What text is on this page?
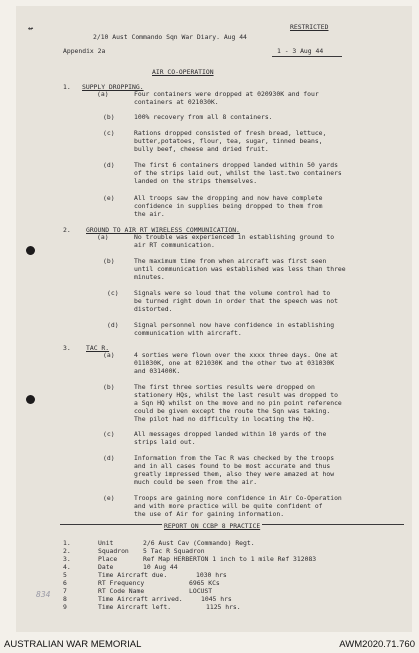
↚	RESTRICTED
2/10 Aust Commando Sqn War Diary. Aug 44
Appendix 2a	1 - 3 Aug 44
AIR CO-OPERATION
1. SUPPLY DROPPING.
(a)	Four containers were dropped at 020930K and four
containers at 021030K.
(b)	100% recovery from all 8 containers.
(c)	Rations dropped consisted of fresh bread, lettuce,
butter,potatoes, flour, tea, sugar, tinned beans,
bully beef, cheese and dried fruit.
(d)	The first 6 containers dropped landed within 50 yards
of the strips laid out, whilst the last.two containers
landed on the strips themselves.
(e)	All troops saw the dropping and now have complete
confidence in supplies being dropped to them from
the air.
2. GROUND TO AIR RT WIRELESS COMMUNICATION.
(a)	No trouble was experienced in establishing ground to
air RT communication.
(b)	The maximum time from when aircraft was first seen
until communication was established was less than three
minutes.
(c) Signals were so loud that the volume control had to
be turned right down in order that the speech was not
distorted.
(d) Signal personnel now have confidence in establishing
communication with aircraft.
3. TAC R.
(a)	4 sorties were flown over the xxxx three days. One at
011030K, one at 021030K and the other two at 031030K
and 031400K.
(b)	The first three sorties results were dropped on
stationery HQs, whilst the last result was dropped to
a Sqn HQ whilst on the move and no pin point reference
could be given except the route the Sqn was taking.
The pilot had no difficulty in locating the HQ.
(c)	All messages dropped landed within 10 yards of the
strips laid out.
(d)	Information from the Tac R was checked by the troops
and in all cases found to be most accurate and thus
greatly impressed them, also they were amazed at how
much could be seen from the air.
(e)	Troops are gaining more confidence in Air Co-Operation
and with more practice will be quite confident of
the use of Air for gaining information.
REPORT ON CCBP 8 PRACTICE
1.	Unit	2/6 Aust Cav (Commando) Regt.
2.	Squadron 5 Tac R Squadron
3.	Place	Ref Map HERBERTON 1 inch to 1 mile Ref 312083
4.	Date	10 Aug 44
5	Time Aircraft due.	1030 hrs
6	RT Frequency	6965 KCs
7	RT Code Name	LOCUST
8	Time Aircraft arrived.	1045 hrs
9	Time Aircraft left.	1125 hrs.
834
AUSTRALIAN WAR MEMORIAL	AWM2020.71.760
